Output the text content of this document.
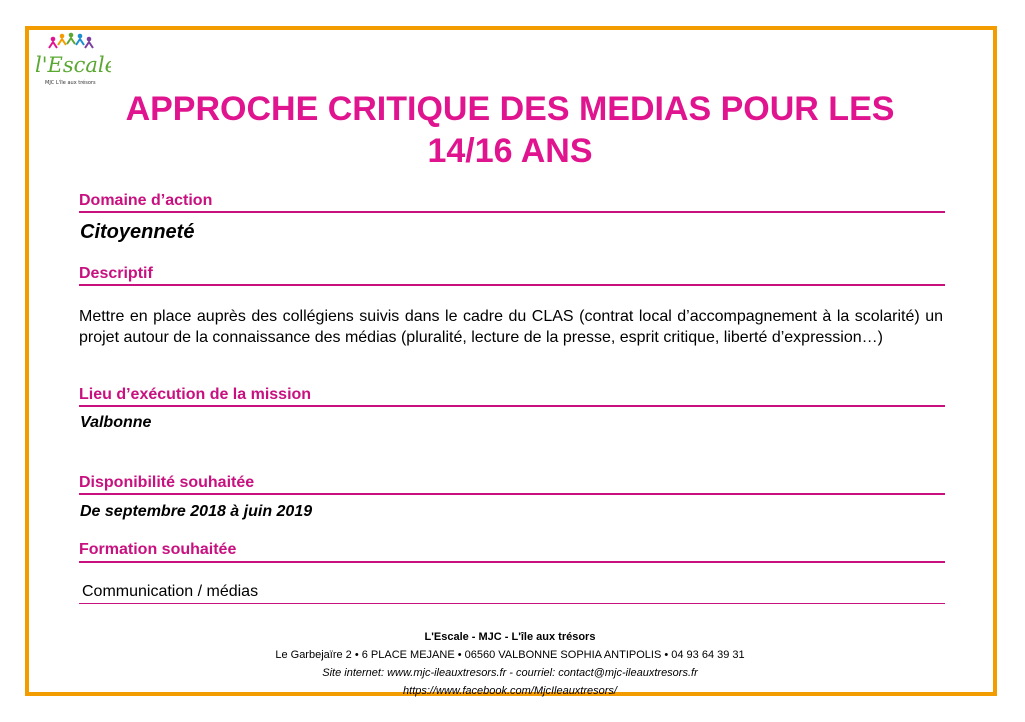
l'Escale
MJC L'île aux trésors
APPROCHE CRITIQUE DES MEDIAS POUR LES
14/16 ANS
Domaine d’action
Citoyenneté
Descriptif
Mettre en place auprès des collégiens suivis dans le cadre du CLAS (contrat local d’accompagnement à la scolarité) un projet autour de la connaissance des médias (pluralité, lecture de la presse, esprit critique, liberté d’expression…)
Lieu d’exécution de la mission
Valbonne
Disponibilité souhaitée
De septembre 2018 à juin 2019
Formation souhaitée
Communication / médias
L'Escale - MJC - L'île aux trésors
Le Garbejaïre 2 • 6 PLACE MEJANE • 06560 VALBONNE SOPHIA ANTIPOLIS • 04 93 64 39 31
Site internet: www.mjc-ileauxtresors.fr - courriel: contact@mjc-ileauxtresors.fr
https://www.facebook.com/MjcIleauxtresors/
